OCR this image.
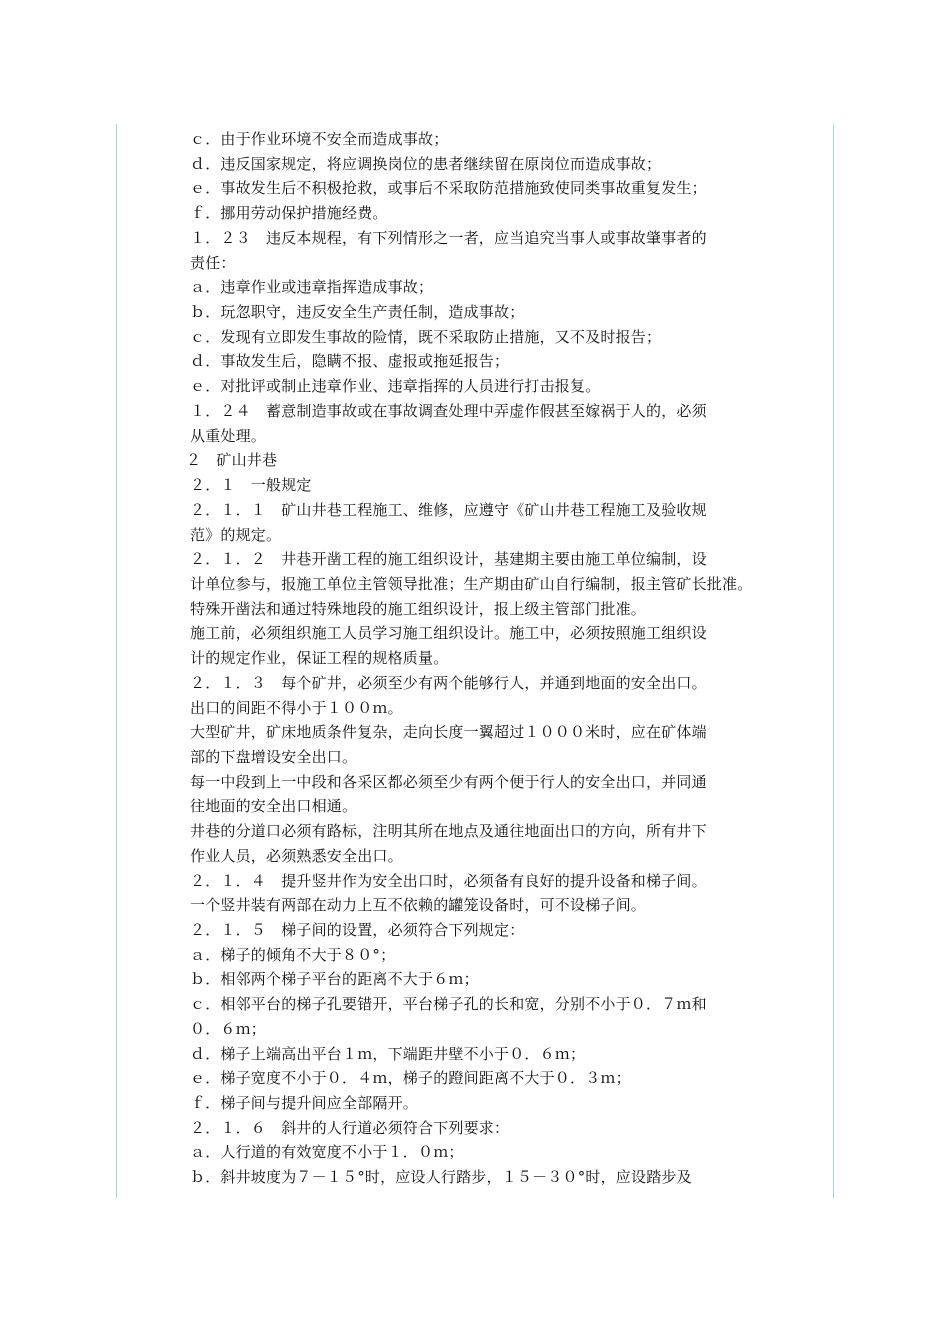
ｃ．由于作业环境不安全而造成事故；
ｄ．违反国家规定，将应调换岗位的患者继续留在原岗位而造成事故；
ｅ．事故发生后不积极抢救，或事后不采取防范措施致使同类事故重复发生；
ｆ．挪用劳动保护措施经费。
１．２３　违反本规程，有下列情形之一者，应当追究当事人或事故肇事者的
责任：
ａ．违章作业或违章指挥造成事故；
ｂ．玩忽职守，违反安全生产责任制，造成事故；
ｃ．发现有立即发生事故的险情，既不采取防止措施，又不及时报告；
ｄ．事故发生后，隐瞒不报、虚报或拖延报告；
ｅ．对批评或制止违章作业、违章指挥的人员进行打击报复。
１．２４　蓄意制造事故或在事故调查处理中弄虚作假甚至嫁祸于人的，必须
从重处理。
２　矿山井巷
２．１　一般规定
２．１．１　矿山井巷工程施工、维修，应遵守《矿山井巷工程施工及验收规
范》的规定。
２．１．２　井巷开凿工程的施工组织设计，基建期主要由施工单位编制，设
计单位参与，报施工单位主管领导批准；生产期由矿山自行编制，报主管矿长批准。
特殊开凿法和通过特殊地段的施工组织设计，报上级主管部门批准。
施工前，必须组织施工人员学习施工组织设计。施工中，必须按照施工组织设
计的规定作业，保证工程的规格质量。
２．１．３　每个矿井，必须至少有两个能够行人，并通到地面的安全出口。
出口的间距不得小于１００ｍ。
大型矿井，矿床地质条件复杂，走向长度一翼超过１０００米时，应在矿体端
部的下盘增设安全出口。
每一中段到上一中段和各采区都必须至少有两个便于行人的安全出口，并同通
往地面的安全出口相通。
井巷的分道口必须有路标，注明其所在地点及通往地面出口的方向，所有井下
作业人员，必须熟悉安全出口。
２．１．４　提升竖井作为安全出口时，必须备有良好的提升设备和梯子间。
一个竖井装有两部在动力上互不依赖的罐笼设备时，可不设梯子间。
２．１．５　梯子间的设置，必须符合下列规定：
ａ．梯子的倾角不大于８０°；
ｂ．相邻两个梯子平台的距离不大于６ｍ；
ｃ．相邻平台的梯子孔要错开，平台梯子孔的长和宽，分别不小于０．７ｍ和
０．６ｍ；
ｄ．梯子上端高出平台１ｍ，下端距井壁不小于０．６ｍ；
ｅ．梯子宽度不小于０．４ｍ，梯子的蹬间距离不大于０．３ｍ；
ｆ．梯子间与提升间应全部隔开。
２．１．６　斜井的人行道必须符合下列要求：
ａ．人行道的有效宽度不小于１．０ｍ；
ｂ．斜井坡度为７－１５°时，应设人行踏步，１５－３０°时，应设踏步及
